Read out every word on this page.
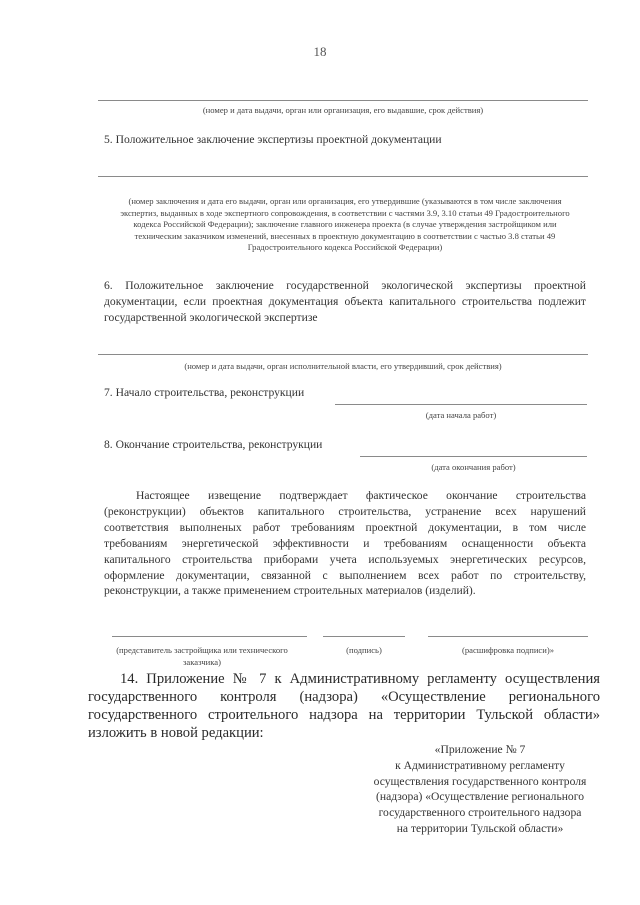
18
(номер и дата выдачи, орган или организация, его выдавшие, срок действия)
5. Положительное заключение экспертизы проектной документации
(номер заключения и дата его выдачи, орган или организация, его утвердившие (указываются в том числе заключения экспертиз, выданных в ходе экспертного сопровождения, в соответствии с частями 3.9, 3.10 статьи 49 Градостроительного кодекса Российской Федерации); заключение главного инженера проекта (в случае утверждения застройщиком или техническим заказчиком изменений, внесенных в проектную документацию в соответствии с частью 3.8 статьи 49 Градостроительного кодекса Российской Федерации)
6. Положительное заключение государственной экологической экспертизы проектной документации, если проектная документация объекта капитального строительства подлежит государственной экологической экспертизе
(номер и дата выдачи, орган исполнительной власти, его утвердивший, срок действия)
7. Начало строительства, реконструкции
(дата начала работ)
8. Окончание строительства, реконструкции
(дата окончания работ)
Настоящее извещение подтверждает фактическое окончание строительства (реконструкции) объектов капитального строительства, устранение всех нарушений соответствия выполненых работ требованиям проектной документации, в том числе требованиям энергетической эффективности и требованиям оснащенности объекта капитального строительства приборами учета используемых энергетических ресурсов, оформление документации, связанной с выполнением всех работ по строительству, реконструкции, а также применением строительных материалов (изделий).
(представитель застройщика или технического заказчика)
(подпись)	(расшифровка подписи)»
14. Приложение № 7 к Административному регламенту осуществления государственного контроля (надзора) «Осуществление регионального государственного строительного надзора на территории Тульской области» изложить в новой редакции:
«Приложение № 7
к Административному регламенту
осуществления государственного контроля
(надзора) «Осуществление регионального
государственного строительного надзора
на территории Тульской области»
